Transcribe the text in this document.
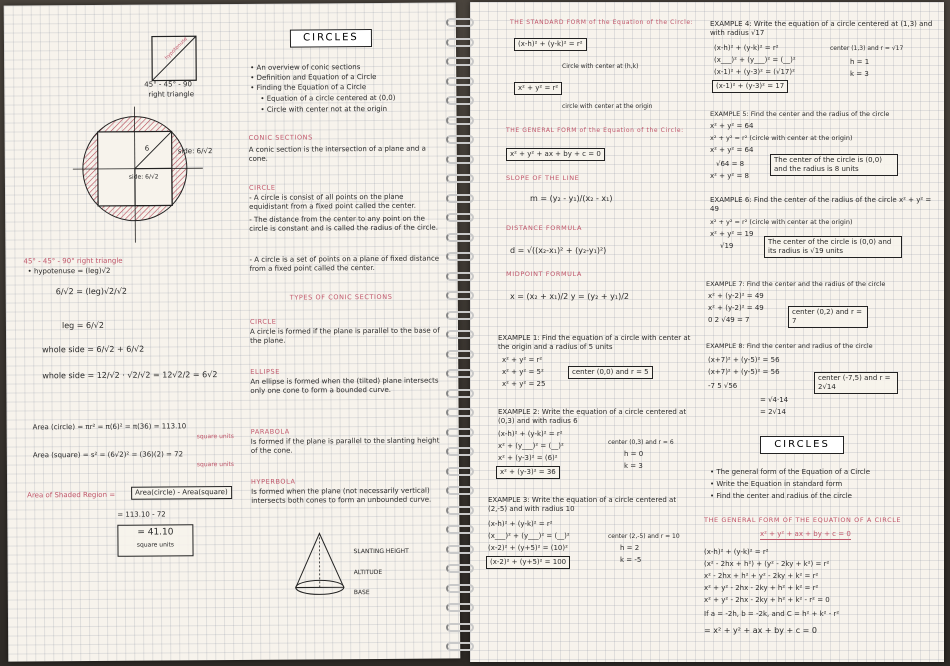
hypotenuse
45° - 45° - 90
right triangle
6	side: 6/√2
side: 6/√2
45° - 45° - 90° right triangle
• hypotenuse = (leg)√2
6/√2 = (leg)√2/√2
leg = 6/√2
whole side = 6/√2 + 6/√2
whole side = 12/√2 · √2/√2 = 12√2/2 = 6√2
Area (circle) = πr² = π(6)² = π(36) = 113.10
square units
Area (square) = s² = (6√2)² = (36)(2) = 72
square units
Area of Shaded Region =	Area(circle) - Area(square)
= 113.10 - 72
= 41.10
square units
CIRCLES
• An overview of conic sections
• Definition and Equation of a Circle
• Finding the Equation of a Circle
• Equation of a circle centered at (0,0)
• Circle with center not at the origin
CONIC SECTIONS
A conic section is the intersection of a plane and a cone.
CIRCLE
- A circle is consist of all points on the plane equidistant from a fixed point called the center.
- The distance from the center to any point on the circle is constant and is called the radius of the circle.
- A circle is a set of points on a plane of fixed distance from a fixed point called the center.
TYPES OF CONIC SECTIONS
CIRCLE
A circle is formed if the plane is parallel to the base of the plane.
ELLIPSE
An ellipse is formed when the (tilted) plane intersects only one cone to form a bounded curve.
PARABOLA
Is formed if the plane is parallel to the slanting height of the cone.
HYPERBOLA
Is formed when the plane (not necessarily vertical) intersects both cones to form an unbounded curve.
SLANTING HEIGHT
ALTITUDE
BASE
THE STANDARD FORM of the Equation of the Circle:
(x-h)² + (y-k)² = r²
Circle with center at (h,k)
x² + y² = r²
circle with center at the origin
THE GENERAL FORM of the Equation of the Circle:
x² + y² + ax + by + c = 0
SLOPE OF THE LINE
m = (y₂ - y₁)/(x₂ - x₁)
DISTANCE FORMULA
d = √((x₂-x₁)² + (y₂-y₁)²)
MIDPOINT FORMULA
x = (x₂ + x₁)/2 y = (y₂ + y₁)/2
EXAMPLE 1: Find the equation of a circle with center at the origin and a radius of 5 units
x² + y² = r²
x² + y² = 5²
x² + y² = 25
center (0,0) and r = 5
EXAMPLE 2: Write the equation of a circle centered at (0,3) and with radius 6
(x-h)² + (y-k)² = r²
x² + (y___)² = (__)²
x² + (y-3)² = (6)²
x² + (y-3)² = 36
center (0,3) and r = 6
h = 0
k = 3
EXAMPLE 3: Write the equation of a circle centered at (2,-5) and with radius 10
(x-h)² + (y-k)² = r²
(x___)² + (y___)² = (__)²
(x-2)² + (y+5)² = (10)²
(x-2)² + (y+5)² = 100
center (2,-5) and r = 10
h = 2
k = -5
EXAMPLE 4: Write the equation of a circle centered at (1,3) and with radius √17
(x-h)² + (y-k)² = r²
(x___)² + (y___)² = (__)²
(x-1)² + (y-3)² = (√17)²
(x-1)² + (y-3)² = 17
center (1,3) and r = √17
h = 1
k = 3
EXAMPLE 5: Find the center and the radius of the circle
x² + y² = 64
x² + y² = r² (circle with center at the origin)
x² + y² = 64
√64 = 8
x² + y² = 8
The center of the circle is (0,0) and the radius is 8 units
EXAMPLE 6: Find the center of the radius of the circle x² + y² = 49
x² + y² = r² (circle with center at the origin)
x² + y² = 19
√19	The center of the circle is (0,0) and its radius is √19 units
EXAMPLE 7: Find the center and the radius of the circle
x² + (y-2)² = 49
x² + (y-2)² = 49
0 2 √49 = 7
center (0,2) and r = 7
EXAMPLE 8: Find the center and radius of the circle
(x+7)² + (y-5)² = 56
(x+7)² + (y-5)² = 56
-7 5 √56
= √4·14
= 2√14
center (-7,5) and r = 2√14
CIRCLES
• The general form of the Equation of a Circle
• Write the Equation in standard form
• Find the center and radius of the circle
THE GENERAL FORM OF THE EQUATION OF A CIRCLE
x² + y² + ax + by + c = 0
(x-h)² + (y-k)² = r²
(x² - 2hx + h²) + (y² - 2ky + k²) = r²
x² - 2hx + h² + y² - 2ky + k² = r²
x² + y² - 2hx - 2ky + h² + k² = r²
x² + y² - 2hx - 2ky + h² + k² - r² = 0
If a = -2h, b = -2k, and C = h² + k² - r²
= x² + y² + ax + by + c = 0
